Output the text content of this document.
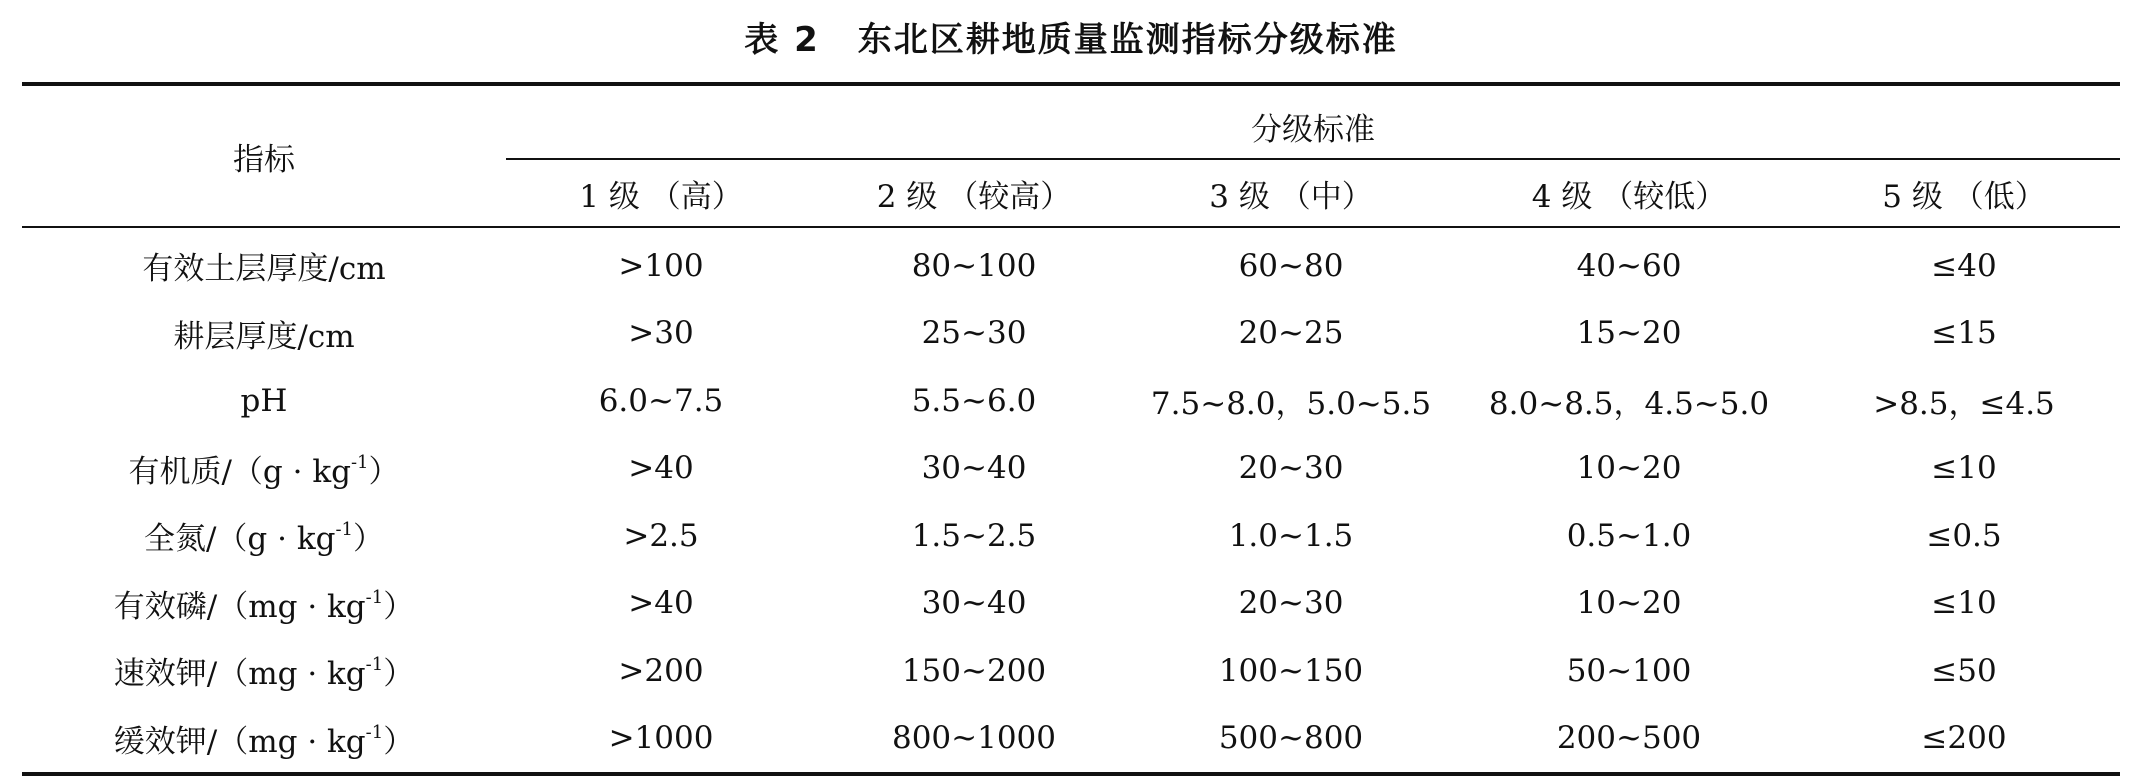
表 2 东北区耕地质量监测指标分级标准
指标	分级标准				
	1 级 （高）	2 级 （较高）	3 级 （中）	4 级 （较低）	5 级 （低）
有效土层厚度/cm	>100	80~100	60~80	40~60	≤40
耕层厚度/cm	>30	25~30	20~25	15~20	≤15
pH	6.0~7.5	5.5~6.0	7.5~8.0，5.0~5.5	8.0~8.5，4.5~5.0	>8.5，≤4.5
有机质$/(g \cdot kg^{-1})$	>40	30~40	20~30	10~20	≤10
全氮$/(g \cdot kg^{-1})$	>2.5	1.5~2.5	1.0~1.5	0.5~1.0	≤0.5
有效磷$/(mg \cdot kg^{-1})$	>40	30~40	20~30	10~20	≤10
速效钾$/(mg \cdot kg^{-1})$	>200	150~200	100~150	50~100	≤50
缓效钾$/(mg \cdot kg^{-1})$	>1000	800~1000	500~800	200~500	≤200
